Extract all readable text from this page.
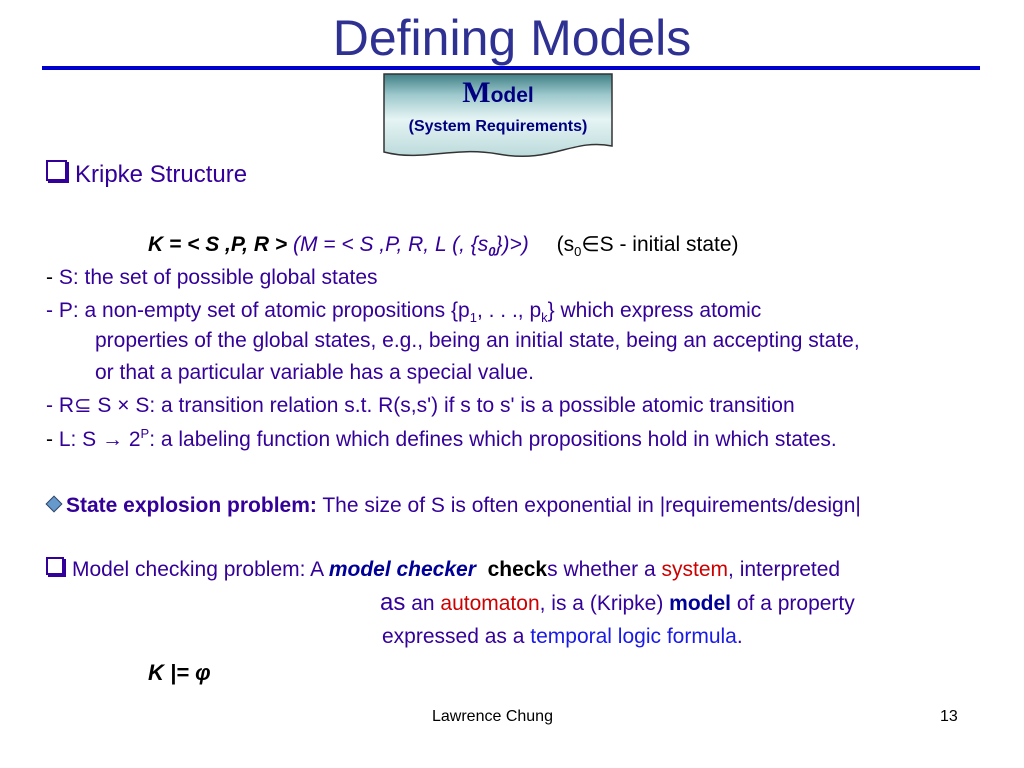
Defining Models
Model
(System Requirements)
Kripke Structure
K = < S ,P, R > (M = < S ,P, R, L (, $\{s_0\})>$) ($s_0\in S$ - initial state)
- S: the set of possible global states
- P: a non-empty set of atomic propositions {$p_1$, . . ., $p_k$} which express atomic
properties of the global states, e.g., being an initial state, being an accepting state,
or that a particular variable has a special value.
- R⊆ S × S: a transition relation s.t. R(s,s') if s to s' is a possible atomic transition
- L: $S \to 2^P$: a labeling function which defines which propositions hold in which states.
State explosion problem: The size of S is often exponential in |requirements/design|
Model checking problem: A model checker checks whether a system, interpreted
as an automaton, is a (Kripke) model of a property
expressed as a temporal logic formula.
K |= φ
Lawrence Chung	13
